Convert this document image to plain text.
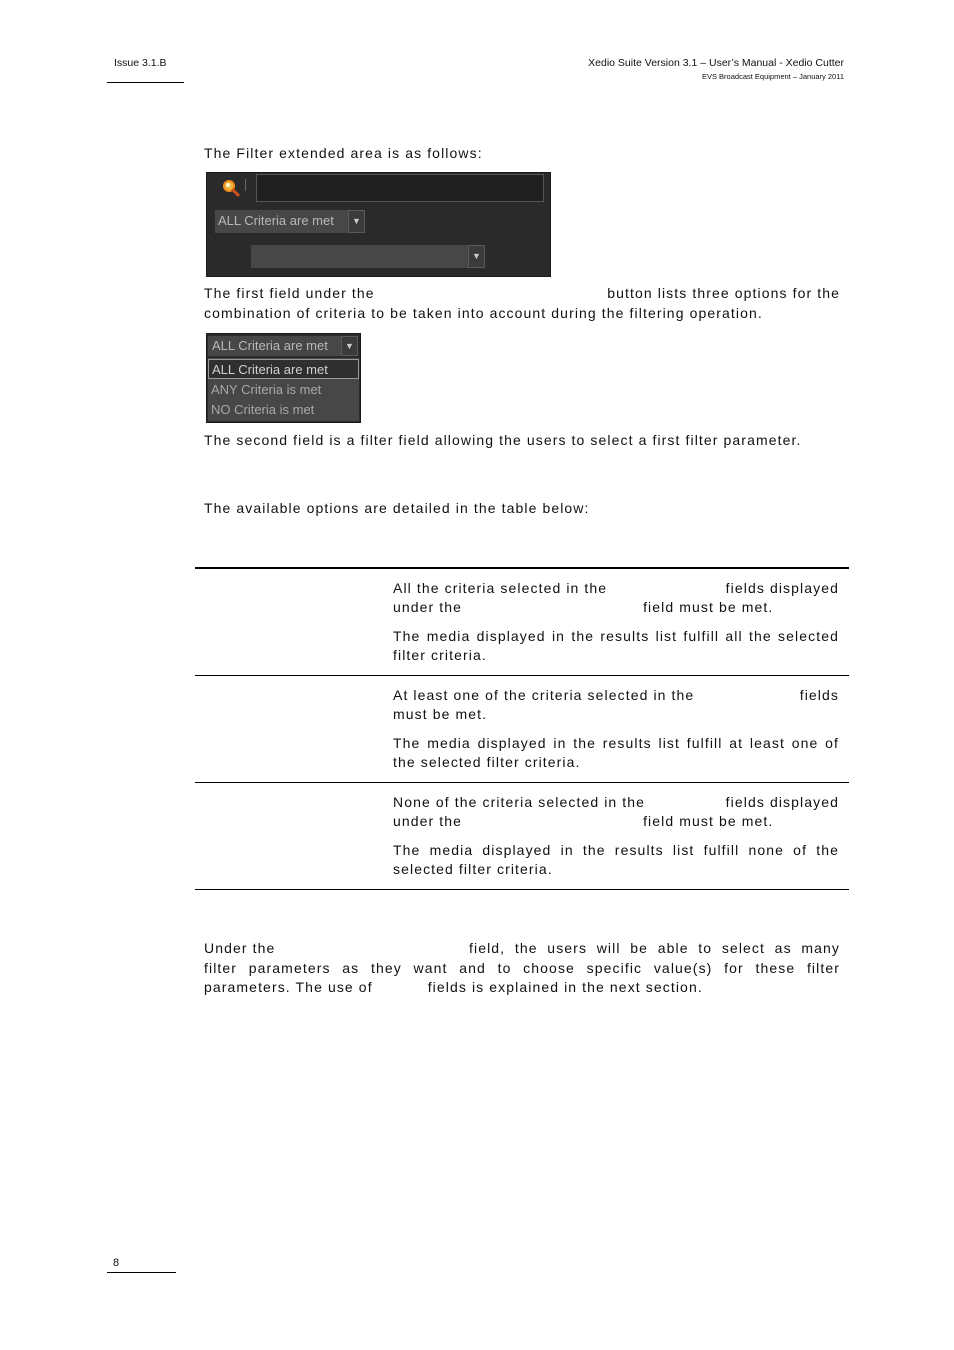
Issue 3.1.B	Xedio Suite Version 3.1 – User’s Manual - Xedio Cutter
EVS Broadcast Equipment – January 2011
The Filter extended area is as follows:
ALL Criteria are met	▼
▼
The first field under the	button lists three options for the
combination of criteria to be taken into account during the filtering operation.
ALL Criteria are met	▼
ALL Criteria are met
ANY Criteria is met
NO Criteria is met
The second field is a filter field allowing the users to select a first filter parameter.
The available options are detailed in the table below:
All the criteria selected in the	fields displayed
under the	field must be met.
The media displayed in the results list fulfill all the selected filter criteria.
At least one of the criteria selected in the	fields
must be met.
The media displayed in the results list fulfill at least one of the selected filter criteria.
None of the criteria selected in the	fields displayed
under the	field must be met.
The media displayed in the results list fulfill none of the selected filter criteria.
Under the	field, the users will be able to select as many
filter parameters as they want and to choose specific value(s) for these filter
parameters. The use of	fields is explained in the next section.
8
